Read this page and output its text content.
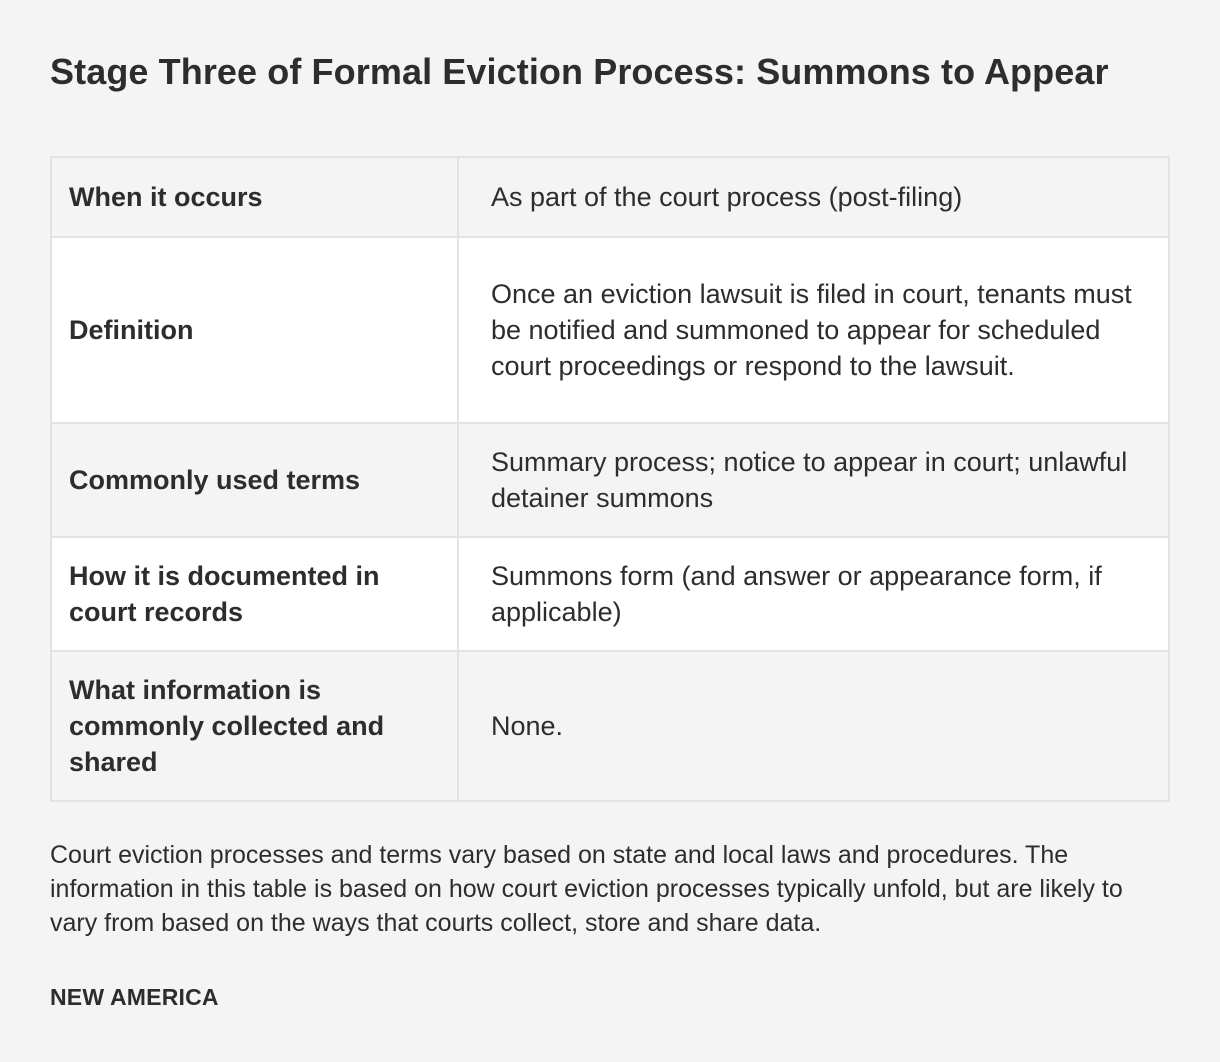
Stage Three of Formal Eviction Process: Summons to Appear
When it occurs	As part of the court process (post-filing)
Definition	Once an eviction lawsuit is filed in court, tenants must be notified and summoned to appear for scheduled court proceedings or respond to the lawsuit.
Commonly used terms	Summary process; notice to appear in court; unlawful detainer summons
How it is documented in court records	Summons form (and answer or appearance form, if applicable)
What information is commonly collected and shared	None.

Court eviction processes and terms vary based on state and local laws and procedures. The information in this table is based on how court eviction processes typically unfold, but are likely to vary from based on the ways that courts collect, store and share data.

NEW AMERICA
